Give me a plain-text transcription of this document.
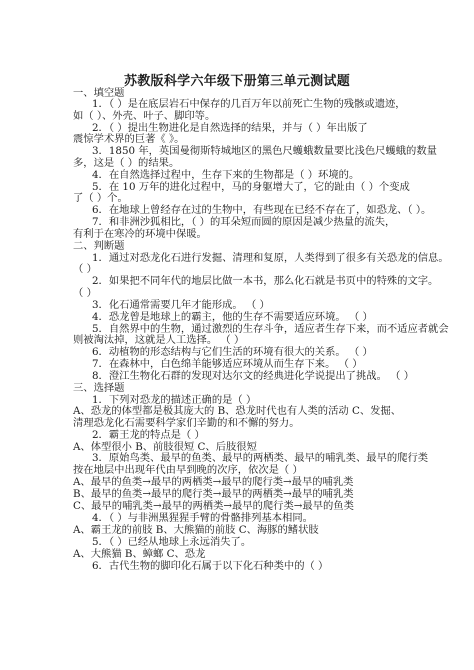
苏教版科学六年级下册第三单元测试题
一、填空题
1．（ ）是在底层岩石中保存的几百万年以前死亡生物的残骸或遗迹，
如（ ）、外壳、叶子、脚印等。
2．（ ）提出生物进化是自然选择的结果，并与（ ）年出版了
震惊学术界的巨著《 》。
3．1850 年，英国曼彻斯特城地区的黑色尺蠖蛾数量要比浅色尺蠖蛾的数量
多，这是（ ）的结果。
4．在自然选择过程中，生存下来的生物都是（ ）环境的。
5．在 10 万年的进化过程中，马的身躯增大了，它的趾由（ ）个变成
了（ ）个。
6．在地球上曾经存在过的生物中，有些现在已经不存在了，如恐龙、（ ）。
7．和非洲沙狐相比，（ ）的耳朵短而圆的原因是减少热量的流失，
有利于在寒冷的环境中保暖。
二、判断题
1．通过对恐龙化石进行发掘、清理和复原，人类得到了很多有关恐龙的信息。
（ ）
2．如果把不同年代的地层比做一本书，那么化石就是书页中的特殊的文字。
（ ）
3．化石通常需要几年才能形成。 （ ）
4．恐龙曾是地球上的霸主，他的生存不需要适应环境。 （ ）
5．自然界中的生物，通过激烈的生存斗争，适应者生存下来，而不适应者就会
则被淘汰掉，这就是人工选择。 （ ）
6．动植物的形态结构与它们生活的环境有很大的关系。 （ ）
7．在森林中，白色绵羊能够适应环境从而生存下来。 （ ）
8．澄江生物化石群的发现对达尔文的经典进化学说提出了挑战。 （ ）
三、选择题
1．下列对恐龙的描述正确的是（ ）
A、恐龙的体型都是极其庞大的 B、恐龙时代也有人类的活动 C、发掘、
清理恐龙化石需要科学家们辛勤的和不懈的努力。
2．霸王龙的特点是（ ）
A、体型很小 B、前肢很短 C、后肢很短
3．原始鸟类、最早的鱼类、最早的两栖类、最早的哺乳类、最早的爬行类
按在地层中出现年代由早到晚的次序，依次是（ ）
A、最早的鱼类→最早的两栖类→最早的爬行类→最早的哺乳类
B、最早的鱼类→最早的爬行类→最早的两栖类→最早的哺乳类
C、最早的哺乳类→最早的两栖类→最早的爬行类→最早的鱼类
4．（ ）与非洲黑猩猩手臂的骨骼排列基本相同。
A、霸王龙的前肢 B、大熊猫的前肢 C、海豚的鳍状肢
5．（ ）已经从地球上永远消失了。
A、大熊猫 B、蟑螂 C、恐龙
6．古代生物的脚印化石属于以下化石种类中的（ ）
